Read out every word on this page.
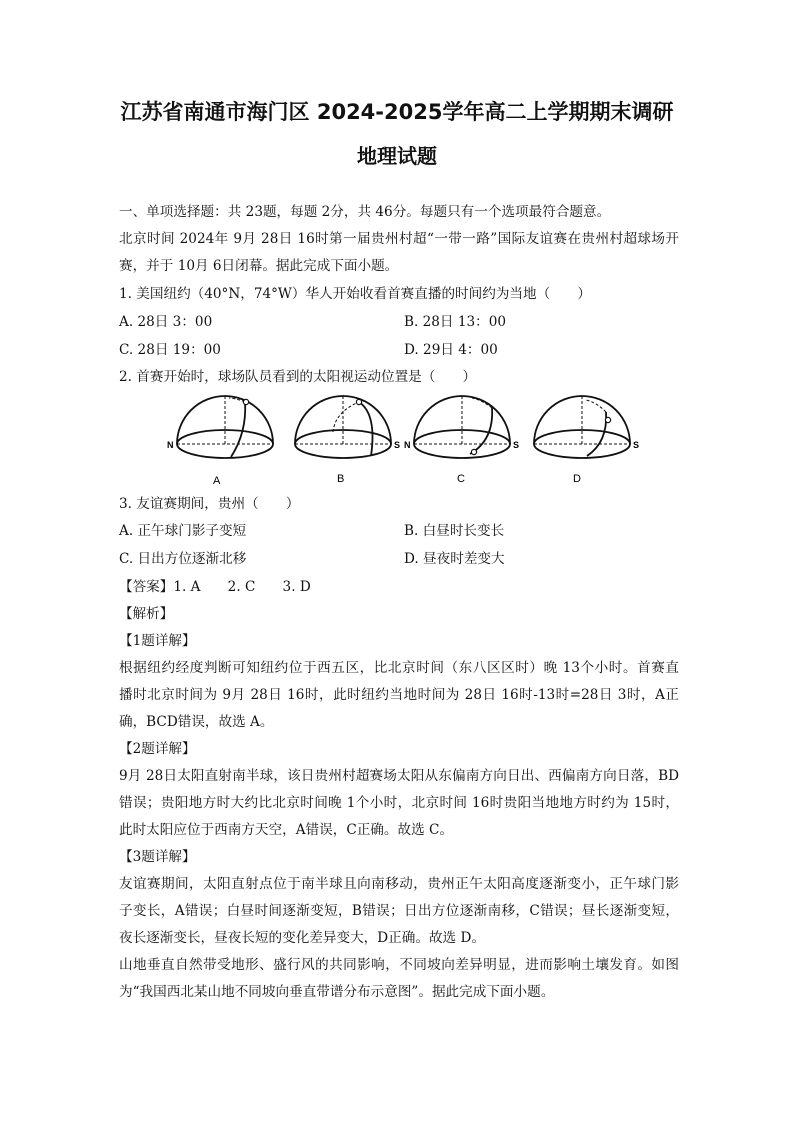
江苏省南通市海门区 2024-2025学年高二上学期期末调研
地理试题
一、单项选择题：共 23题，每题 2分，共 46分。每题只有一个选项最符合题意。
北京时间 2024年 9月 28日 16时第一届贵州村超“一带一路”国际友谊赛在贵州村超球场开
赛，并于 10月 6日闭幕。据此完成下面小题。
1. 美国纽约（40°N，74°W）华人开始收看首赛直播的时间约为当地（　　）
A. 28日 3：00	B. 28日 13：00
C. 28日 19：00	D. 29日 4：00
2. 首赛开始时，球场队员看到的太阳视运动位置是（　　）
N
A
S
B
N	S
C
S
D
3. 友谊赛期间，贵州（　　）
A. 正午球门影子变短	B. 白昼时长变长
C. 日出方位逐渐北移	D. 昼夜时差变大
【答案】1. A　　2. C　　3. D
【解析】
【1题详解】
根据纽约经度判断可知纽约位于西五区，比北京时间（东八区区时）晚 13个小时。首赛直
播时北京时间为 9月 28日 16时，此时纽约当地时间为 28日 16时-13时=28日 3时，A正
确，BCD错误，故选 A。
【2题详解】
9月 28日太阳直射南半球，该日贵州村超赛场太阳从东偏南方向日出、西偏南方向日落，BD
错误；贵阳地方时大约比北京时间晚 1个小时，北京时间 16时贵阳当地地方时约为 15时，
此时太阳应位于西南方天空，A错误，C正确。故选 C。
【3题详解】
友谊赛期间，太阳直射点位于南半球且向南移动，贵州正午太阳高度逐渐变小，正午球门影
子变长，A错误；白昼时间逐渐变短，B错误；日出方位逐渐南移，C错误；昼长逐渐变短，
夜长逐渐变长，昼夜长短的变化差异变大，D正确。故选 D。
山地垂直自然带受地形、盛行风的共同影响，不同坡向差异明显，进而影响土壤发育。如图
为“我国西北某山地不同坡向垂直带谱分布示意图”。据此完成下面小题。
